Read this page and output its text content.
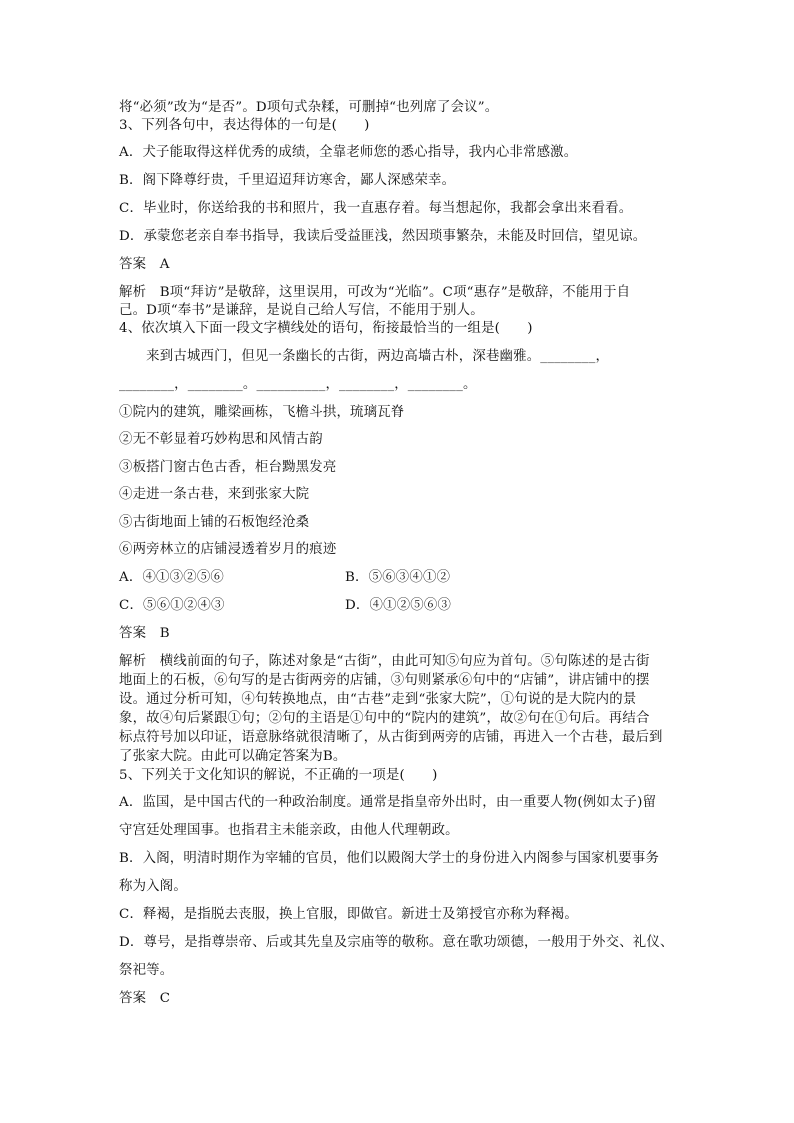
将“必须”改为“是否”。D项句式杂糅，可删掉“也列席了会议”。
3、下列各句中，表达得体的一句是(　　)
A．犬子能取得这样优秀的成绩，全靠老师您的悉心指导，我内心非常感激。
B．阁下降尊纡贵，千里迢迢拜访寒舍，鄙人深感荣幸。
C．毕业时，你送给我的书和照片，我一直惠存着。每当想起你，我都会拿出来看看。
D．承蒙您老亲自奉书指导，我读后受益匪浅，然因琐事繁杂，未能及时回信，望见谅。
答案　A
解析　B项“拜访”是敬辞，这里误用，可改为“光临”。C项“惠存”是敬辞，不能用于自
己。D项“奉书”是谦辞，是说自己给人写信，不能用于别人。
4、依次填入下面一段文字横线处的语句，衔接最恰当的一组是(　　)
　　来到古城西门，但见一条幽长的古街，两边高墙古朴，深巷幽雅。________，
________，________。__________，________，________。
①院内的建筑，雕梁画栋，飞檐斗拱，琉璃瓦脊
②无不彰显着巧妙构思和风情古韵
③板搭门窗古色古香，柜台黝黑发亮
④走进一条古巷，来到张家大院
⑤古街地面上铺的石板饱经沧桑
⑥两旁林立的店铺浸透着岁月的痕迹
A．④①③②⑤⑥	B．⑤⑥③④①②
C．⑤⑥①②④③	D．④①②⑤⑥③
答案　B
解析　横线前面的句子，陈述对象是“古街”，由此可知⑤句应为首句。⑤句陈述的是古街
地面上的石板，⑥句写的是古街两旁的店铺，③句则紧承⑥句中的“店铺”，讲店铺中的摆
设。通过分析可知，④句转换地点，由“古巷”走到“张家大院”，①句说的是大院内的景
象，故④句后紧跟①句；②句的主语是①句中的“院内的建筑”，故②句在①句后。再结合
标点符号加以印证，语意脉络就很清晰了，从古街到两旁的店铺，再进入一个古巷，最后到
了张家大院。由此可以确定答案为B。
5、下列关于文化知识的解说，不正确的一项是(　　)
A．监国，是中国古代的一种政治制度。通常是指皇帝外出时，由一重要人物(例如太子)留
守宫廷处理国事。也指君主未能亲政，由他人代理朝政。
B．入阁，明清时期作为宰辅的官员，他们以殿阁大学士的身份进入内阁参与国家机要事务
称为入阁。
C．释褐，是指脱去丧服，换上官服，即做官。新进士及第授官亦称为释褐。
D．尊号，是指尊崇帝、后或其先皇及宗庙等的敬称。意在歌功颂德，一般用于外交、礼仪、
祭祀等。
答案　C
